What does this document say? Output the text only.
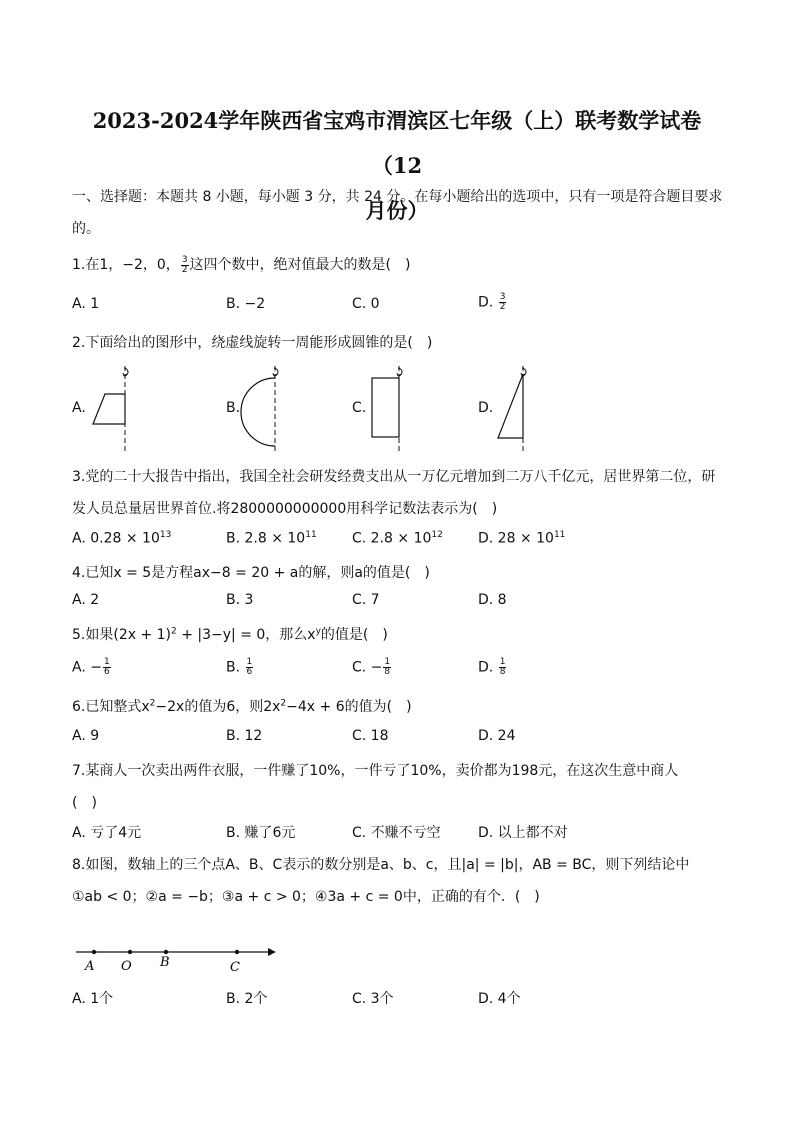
2023-2024学年陕西省宝鸡市渭滨区七年级（上）联考数学试卷（12
月份）
一、选择题：本题共 8 小题，每小题 3 分，共 24 分。在每小题给出的选项中，只有一项是符合题目要求
的。
1.在1，−2，0， $\frac{3}{2}$ 这四个数中，绝对值最大的数是(　)
A. 1	B. −2	C. 0	D. $\frac{3}{2}$
2.下面给出的图形中，绕虚线旋转一周能形成圆锥的是(　)
A.	B.	C.	D.
3.党的二十大报告中指出，我国全社会研发经费支出从一万亿元增加到二万八千亿元，居世界第二位，研
发人员总量居世界首位.将2800000000000用科学记数法表示为(　)
A. $0.28 \times 10^{13}$	B. $2.8 \times 10^{11}$	C. $2.8 \times 10^{12}$	D. $28 \times 10^{11}$
4.已知x = 5是方程ax−8 = 20 + a的解，则a的值是(　)
A. 2	B. 3	C. 7	D. 8
5.如果$(2x + 1)^2 + |3-y| = 0$，那么$x^y$的值是(　)
A. − $\frac{1}{6}$	B. $\frac{1}{6}$	C. − $\frac{1}{8}$	D. $\frac{1}{8}$
6.已知整式$x^2-2x$的值为6，则$2x^2-4x + 6$的值为(　)
A. 9	B. 12	C. 18	D. 24
7.某商人一次卖出两件衣服，一件赚了10%，一件亏了10%，卖价都为198元，在这次生意中商人
(　)
A. 亏了4元	B. 赚了6元	C. 不赚不亏空	D. 以上都不对
8.如图，数轴上的三个点A、B、C表示的数分别是a、b、c，且|a| = |b|，AB = BC，则下列结论中
①ab < 0；②a = −b；③a + c > 0；④3a + c = 0中，正确的有个．(　)
A O B	C
A. 1个	B. 2个	C. 3个	D. 4个
